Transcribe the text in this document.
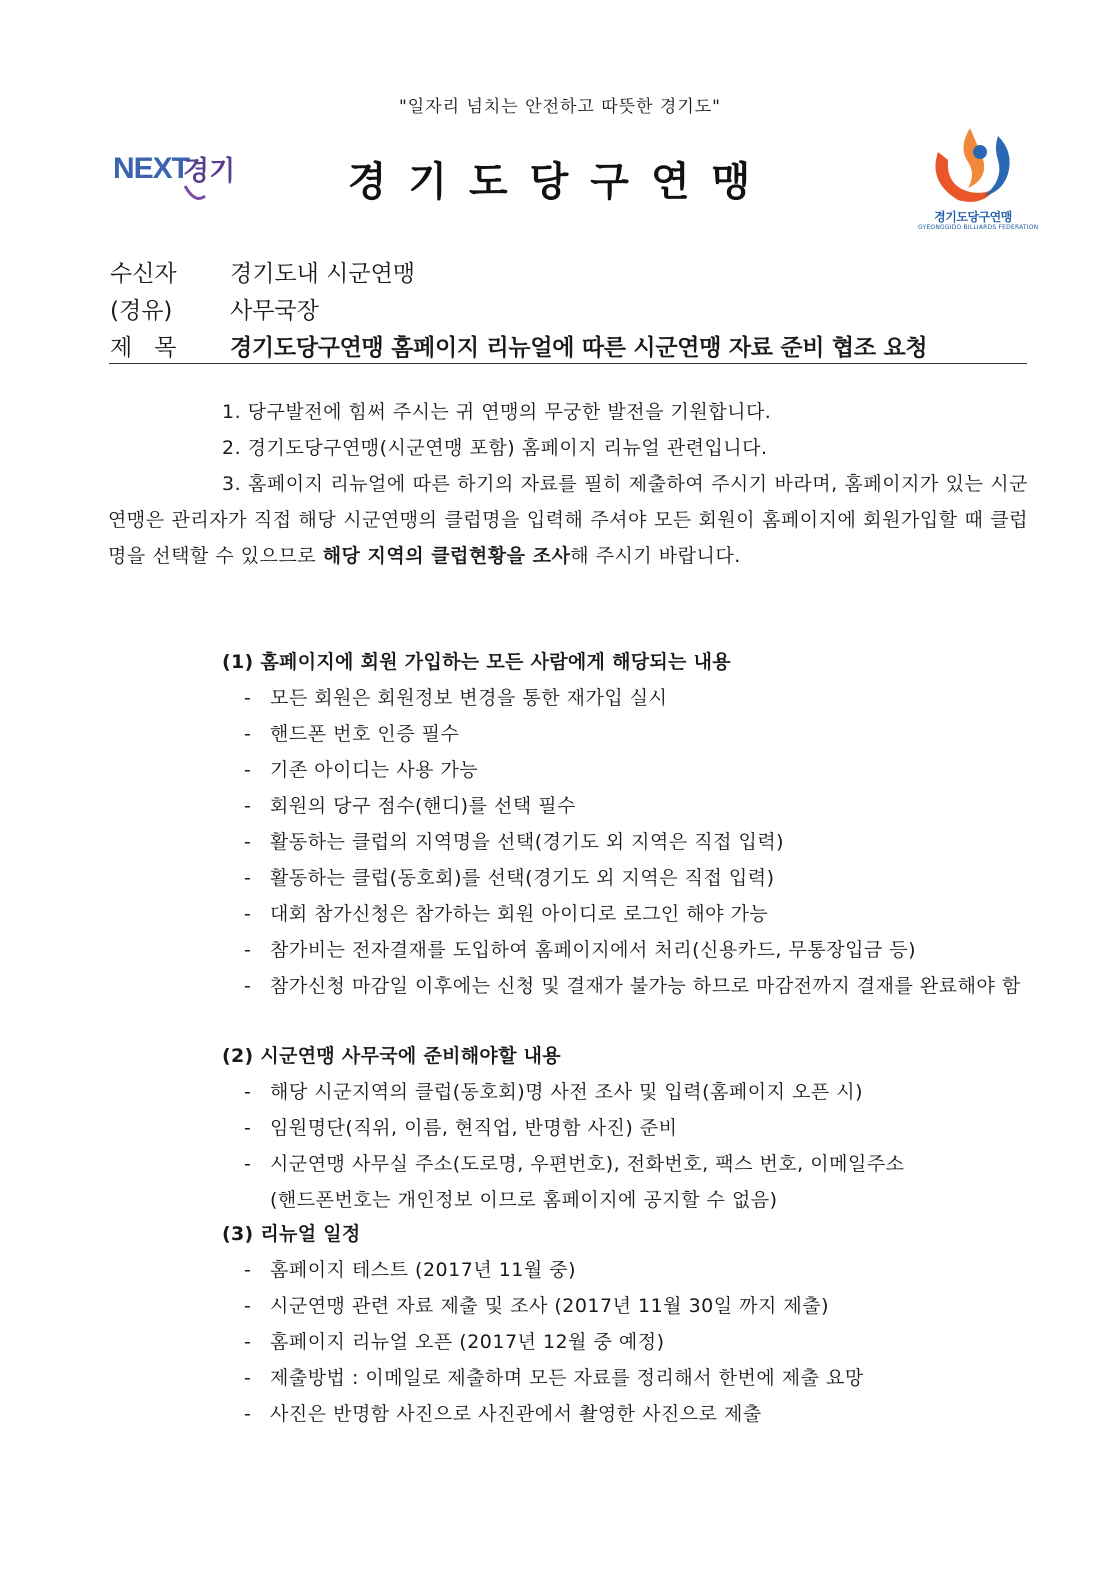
"일자리 넘치는 안전하고 따뜻한 경기도"
NEXT
경기	경기도당구연맹
경기도당구연맹
GYEONGGIDO BILLIARDS FEDERATION
수신자	경기도내 시군연맹
(경유)	사무국장
제목	경기도당구연맹 홈페이지 리뉴얼에 따른 시군연맹 자료 준비 협조 요청
1. 당구발전에 힘써 주시는 귀 연맹의 무궁한 발전을 기원합니다.
2. 경기도당구연맹(시군연맹 포함) 홈페이지 리뉴얼 관련입니다.
3. 홈페이지 리뉴얼에 따른 하기의 자료를 필히 제출하여 주시기 바라며, 홈페이지가 있는 시군연맹은 관리자가 직접 해당 시군연맹의 클럽명을 입력해 주셔야 모든 회원이 홈페이지에 회원가입할 때 클럽명을 선택할 수 있으므로 해당 지역의 클럽현황을 조사해 주시기 바랍니다.
(1) 홈페이지에 회원 가입하는 모든 사람에게 해당되는 내용
- 모든 회원은 회원정보 변경을 통한 재가입 실시
- 핸드폰 번호 인증 필수
- 기존 아이디는 사용 가능
- 회원의 당구 점수(핸디)를 선택 필수
- 활동하는 클럽의 지역명을 선택(경기도 외 지역은 직접 입력)
- 활동하는 클럽(동호회)를 선택(경기도 외 지역은 직접 입력)
- 대회 참가신청은 참가하는 회원 아이디로 로그인 해야 가능
- 참가비는 전자결재를 도입하여 홈페이지에서 처리(신용카드, 무통장입금 등)
- 참가신청 마감일 이후에는 신청 및 결재가 불가능 하므로 마감전까지 결재를 완료해야 함
(2) 시군연맹 사무국에 준비해야할 내용
- 해당 시군지역의 클럽(동호회)명 사전 조사 및 입력(홈페이지 오픈 시)
- 임원명단(직위, 이름, 현직업, 반명함 사진) 준비
- 시군연맹 사무실 주소(도로명, 우편번호), 전화번호, 팩스 번호, 이메일주소
(핸드폰번호는 개인정보 이므로 홈페이지에 공지할 수 없음)
(3) 리뉴얼 일정
- 홈페이지 테스트 (2017년 11월 중)
- 시군연맹 관련 자료 제출 및 조사 (2017년 11월 30일 까지 제출)
- 홈페이지 리뉴얼 오픈 (2017년 12월 중 예정)
- 제출방법 : 이메일로 제출하며 모든 자료를 정리해서 한번에 제출 요망
- 사진은 반명함 사진으로 사진관에서 촬영한 사진으로 제출
